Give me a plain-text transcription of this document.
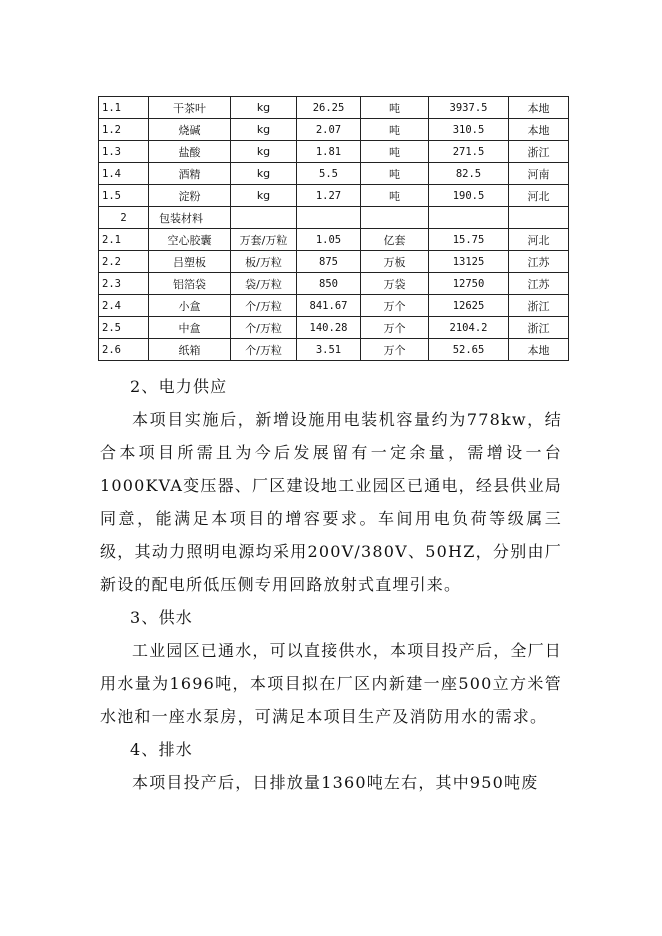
1.1	干茶叶	kg	26.25	吨	3937.5	本地
1.2	烧碱	kg	2.07	吨	310.5	本地
1.3	盐酸	kg	1.81	吨	271.5	浙江
1.4	酒精	kg	5.5	吨	82.5	河南
1.5	淀粉	kg	1.27	吨	190.5	河北
2	包装材料					
2.1	空心胶囊	万套/万粒	1.05	亿套	15.75	河北
2.2	吕塑板	板/万粒	875	万板	13125	江苏
2.3	铝箔袋	袋/万粒	850	万袋	12750	江苏
2.4	小盒	个/万粒	841.67	万个	12625	浙江
2.5	中盒	个/万粒	140.28	万个	2104.2	浙江
2.6	纸箱	个/万粒	3.51	万个	52.65	本地

2、电力供应

本项目实施后，新增设施用电装机容量约为778kw，结合本项目所需且为今后发展留有一定余量，需增设一台1000KVA变压器、厂区建设地工业园区已通电，经县供业局同意，能满足本项目的增容要求。车间用电负荷等级属三级，其动力照明电源均采用200V/380V、50HZ，分别由厂新设的配电所低压侧专用回路放射式直埋引来。

3、供水

工业园区已通水，可以直接供水，本项目投产后，全厂日用水量为1696吨，本项目拟在厂区内新建一座500立方米管水池和一座水泵房，可满足本项目生产及消防用水的需求。

4、排水

本项目投产后，日排放量1360吨左右，其中950吨废
